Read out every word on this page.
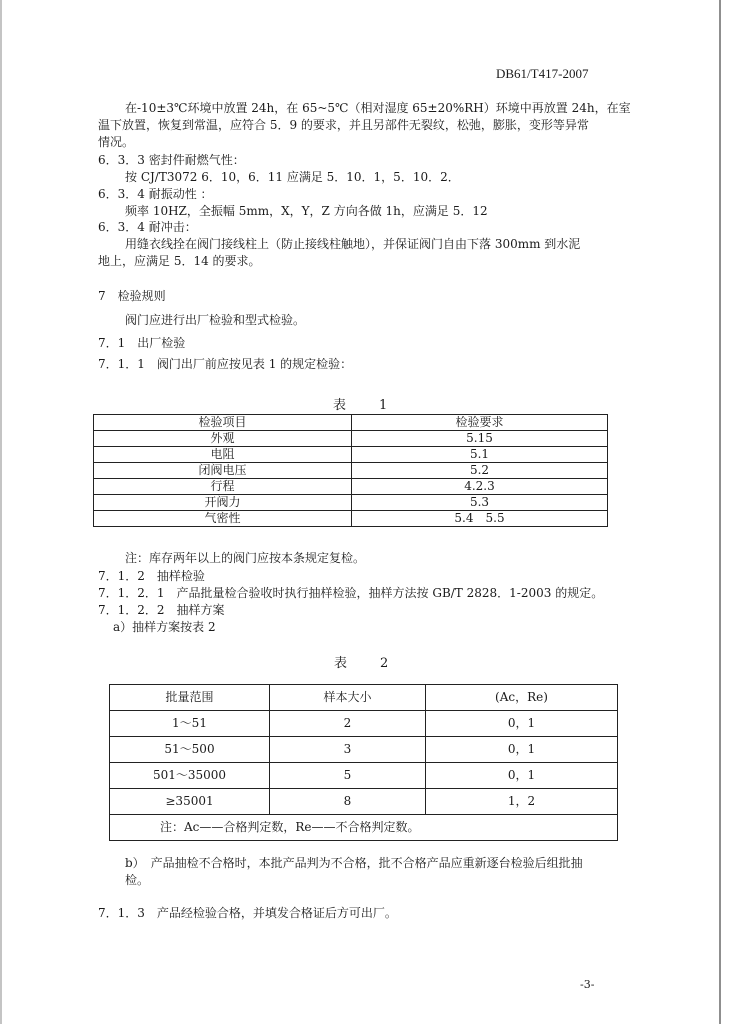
DB61/T417-2007
在-10±3℃环境中放置 24h，在 65~5℃（相对湿度 65±20%RH）环境中再放置 24h，在室
温下放置，恢复到常温，应符合 5．9 的要求，并且另部件无裂纹，松弛，膨胀，变形等异常
情况。
6．3．3 密封件耐燃气性：
按 CJ/T3072 6．10，6．11 应满足 5．10．1，5．10．2．
6．3．4 耐振动性 ：
频率 10HZ，全振幅 5mm，X，Y，Z 方向各做 1h，应满足 5．12
6．3．4 耐冲击：
用缝衣线拴在阀门接线柱上（防止接线柱触地），并保证阀门自由下落 300mm 到水泥
地上，应满足 5．14 的要求。
7　检验规则
阀门应进行出厂检验和型式检验。
7．1　出厂检验
7．1．1　阀门出厂前应按见表 1 的规定检验：
表　1
检验项目	检验要求
外观	5.15
电阻	5.1
闭阀电压	5.2
行程	4.2.3
开阀力	5.3
气密性	5.4　5.5
注：库存两年以上的阀门应按本条规定复检。
7．1．2　抽样检验
7．1．2．1　产品批量检合验收时执行抽样检验，抽样方法按 GB/T 2828．1-2003 的规定。
7．1．2．2　抽样方案
a）抽样方案按表 2
表　2
批量范围	样本大小	(Ac，Re)
1～51	2	0，1
51～500	3	0，1
501～35000	5	0，1
≥35001	8	1，2
注：Ac——合格判定数，Re——不合格判定数。		
b）　产品抽检不合格时，本批产品判为不合格，批不合格产品应重新逐台检验后组批抽
检。
7．1．3　产品经检验合格，并填发合格证后方可出厂。
-3-
